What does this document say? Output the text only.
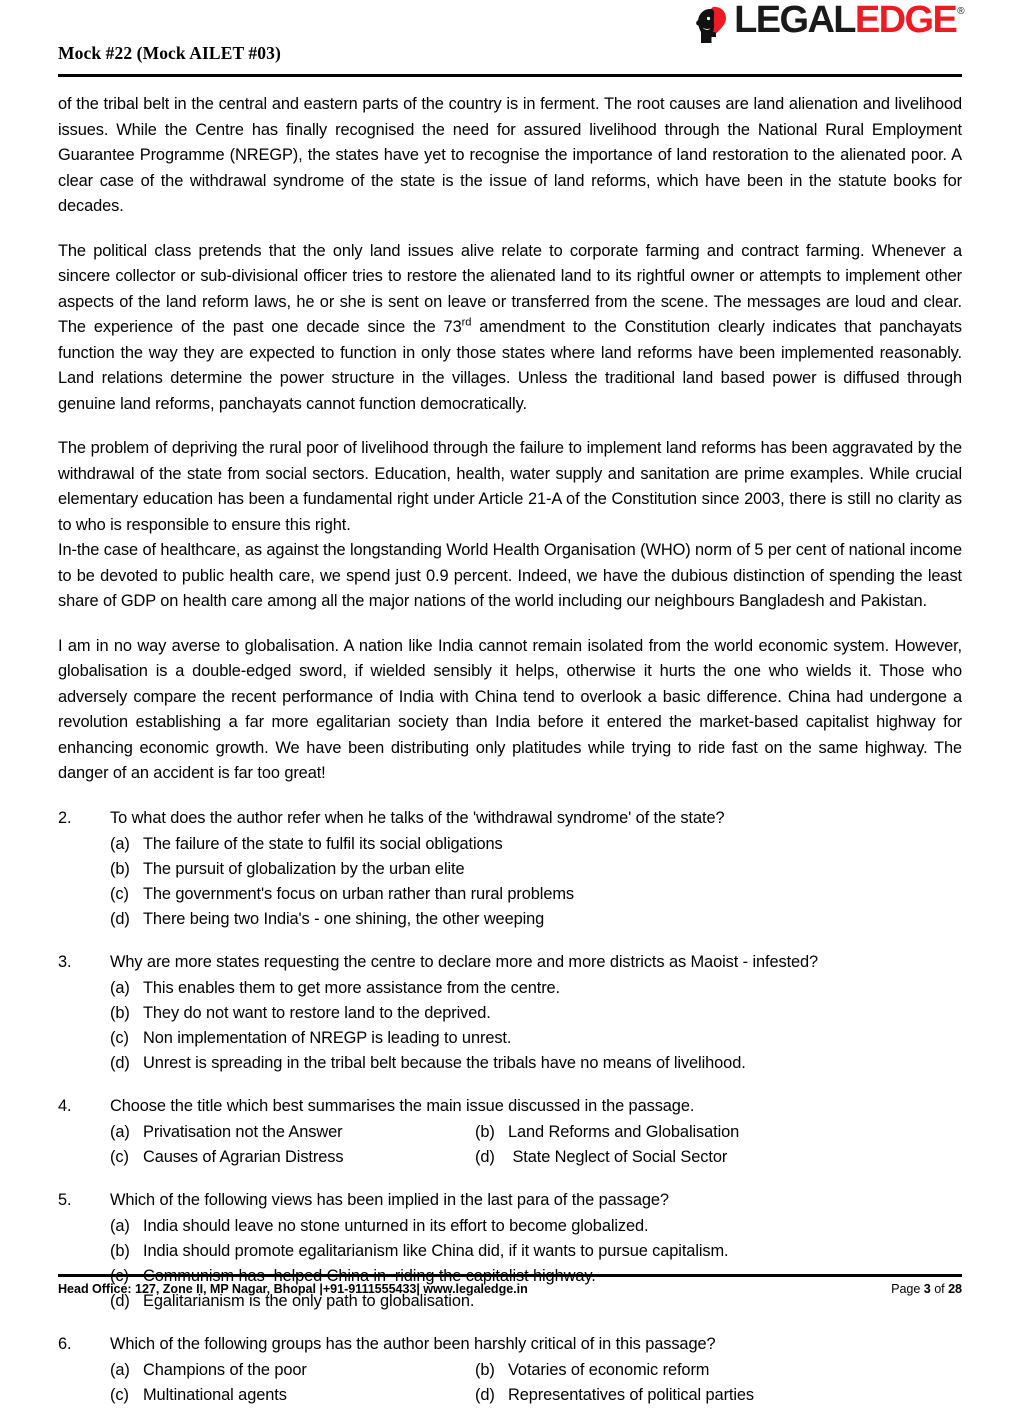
Mock #22 (Mock AILET #03)
LEGAL EDGE ®

of the tribal belt in the central and eastern parts of the country is in ferment. The root causes are land alienation and livelihood issues. While the Centre has finally recognised the need for assured livelihood through the National Rural Employment Guarantee Programme (NREGP), the states have yet to recognise the importance of land restoration to the alienated poor. A clear case of the withdrawal syndrome of the state is the issue of land reforms, which have been in the statute books for decades.

The political class pretends that the only land issues alive relate to corporate farming and contract farming. Whenever a sincere collector or sub-divisional officer tries to restore the alienated land to its rightful owner or attempts to implement other aspects of the land reform laws, he or she is sent on leave or transferred from the scene. The messages are loud and clear. The experience of the past one decade since the 73rd amendment to the Constitution clearly indicates that panchayats function the way they are expected to function in only those states where land reforms have been implemented reasonably. Land relations determine the power structure in the villages. Unless the traditional land based power is diffused through genuine land reforms, panchayats cannot function democratically.

The problem of depriving the rural poor of livelihood through the failure to implement land reforms has been aggravated by the withdrawal of the state from social sectors. Education, health, water supply and sanitation are prime examples. While crucial elementary education has been a fundamental right under Article 21-A of the Constitution since 2003, there is still no clarity as to who is responsible to ensure this right.

In-the case of healthcare, as against the longstanding World Health Organisation (WHO) norm of 5 per cent of national income to be devoted to public health care, we spend just 0.9 percent. Indeed, we have the dubious distinction of spending the least share of GDP on health care among all the major nations of the world including our neighbours Bangladesh and Pakistan.

I am in no way averse to globalisation. A nation like India cannot remain isolated from the world economic system. However, globalisation is a double-edged sword, if wielded sensibly it helps, otherwise it hurts the one who wields it. Those who adversely compare the recent performance of India with China tend to overlook a basic difference. China had undergone a revolution establishing a far more egalitarian society than India before it entered the market-based capitalist highway for enhancing economic growth. We have been distributing only platitudes while trying to ride fast on the same highway. The danger of an accident is far too great!

2.	To what does the author refer when he talks of the 'withdrawal syndrome' of the state?
(a) The failure of the state to fulfil its social obligations
(b) The pursuit of globalization by the urban elite
(c) The government's focus on urban rather than rural problems
(d) There being two India's - one shining, the other weeping
3.	Why are more states requesting the centre to declare more and more districts as Maoist - infested?
(a) This enables them to get more assistance from the centre.
(b) They do not want to restore land to the deprived.
(c) Non implementation of NREGP is leading to unrest.
(d) Unrest is spreading in the tribal belt because the tribals have no means of livelihood.
4.	Choose the title which best summarises the main issue discussed in the passage.
(a) Privatisation not the Answer	(b) Land Reforms and Globalisation
(c) Causes of Agrarian Distress	(d) State Neglect of Social Sector
5.	Which of the following views has been implied in the last para of the passage?
(a) India should leave no stone unturned in its effort to become globalized.
(b) India should promote egalitarianism like China did, if it wants to pursue capitalism.
(c) Communism has  helped China in  riding the capitalist highway.
(d) Egalitarianism is the only path to globalisation.
6.	Which of the following groups has the author been harshly critical of in this passage?
(a) Champions of the poor	(b) Votaries of economic reform
(c) Multinational agents	(d) Representatives of political parties
Head Office: 127, Zone II, MP Nagar, Bhopal |+91-9111555433| www.legaledge.in	Page 3 of 28
